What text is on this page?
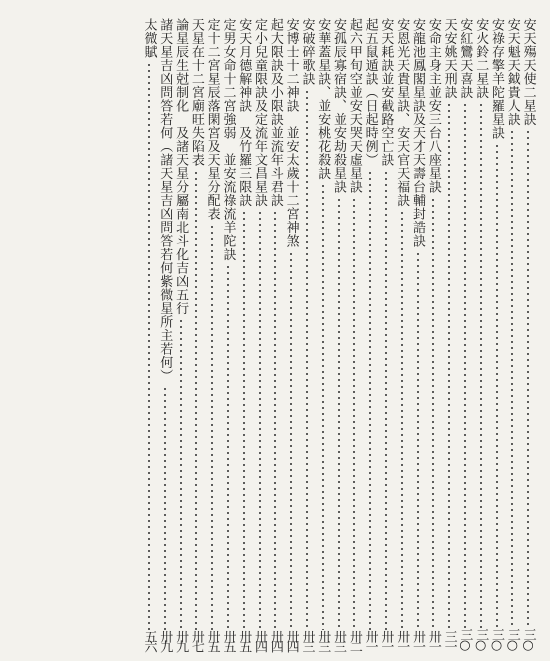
安天殤天使二星訣
三○
安天魁天鉞貴人訣
三○
安祿存擎羊陀羅星訣
三○
安火鈴二星訣
三○
安紅鸞天喜訣
三○
天安姚天刑訣
三一
安命主身主並安三台八座星訣
卅一
安龍池鳳閣星訣及天才天壽台輔封誥訣
卅一
安恩光天貴星訣、安天官天福訣
卅一
安天耗訣並安截路空亡訣
卅一
起五鼠遁訣（日起時例）
卅一
起六甲旬空並安天哭天虛星訣
卅二
安孤辰寡宿訣、並安劫殺星訣
卅三
安華蓋星訣、並安桃花殺訣
卅三
安破碎歌訣
卅三
安博士十二神訣　並安太歲十二宮神煞
卅四
起大限訣及小限訣並流年斗君訣
卅四
定小兒童限訣及定流年文昌星訣
卅四
安天月德解神訣　及竹羅三限訣
卅五
定男女命十二宮強弱　並安流祿流羊陀訣
卅五
定十二宮星辰落閑宮及天星分配表
卅五
天星在十二宮廟旺失陷表
卅七
論星辰生尅制化　及諸天星分屬南北斗化吉凶五行
卅九
諸天星吉凶問答若何（諸天星吉凶問答若何紫微星所主若何）
卅九
太微賦
五六
